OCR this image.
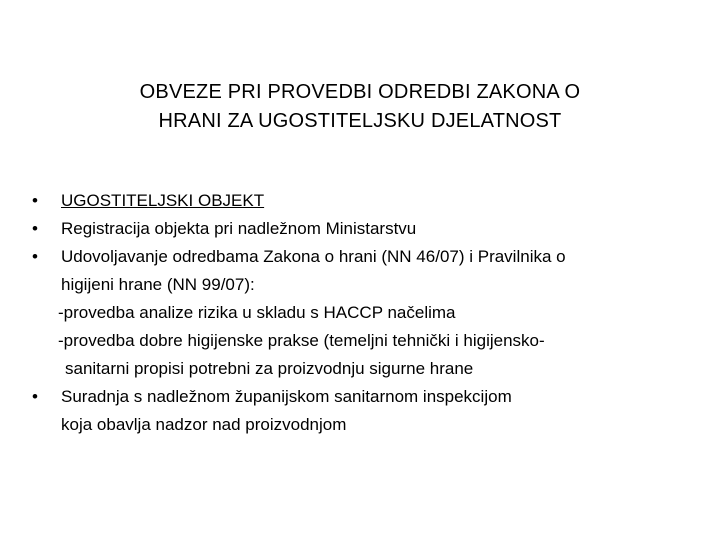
OBVEZE PRI PROVEDBI ODREDBI ZAKONA O
HRANI ZA UGOSTITELJSKU DJELATNOST
• UGOSTITELJSKI OBJEKT
• Registracija objekta pri nadležnom Ministarstvu
• Udovoljavanje odredbama Zakona o hrani (NN 46/07) i Pravilnika o
higijeni hrane (NN 99/07):
-provedba analize rizika u skladu s HACCP načelima
-provedba dobre higijenske prakse (temeljni tehnički i higijensko-
sanitarni propisi potrebni za proizvodnju sigurne hrane
• Suradnja s nadležnom županijskom sanitarnom inspekcijom
koja obavlja nadzor nad proizvodnjom
